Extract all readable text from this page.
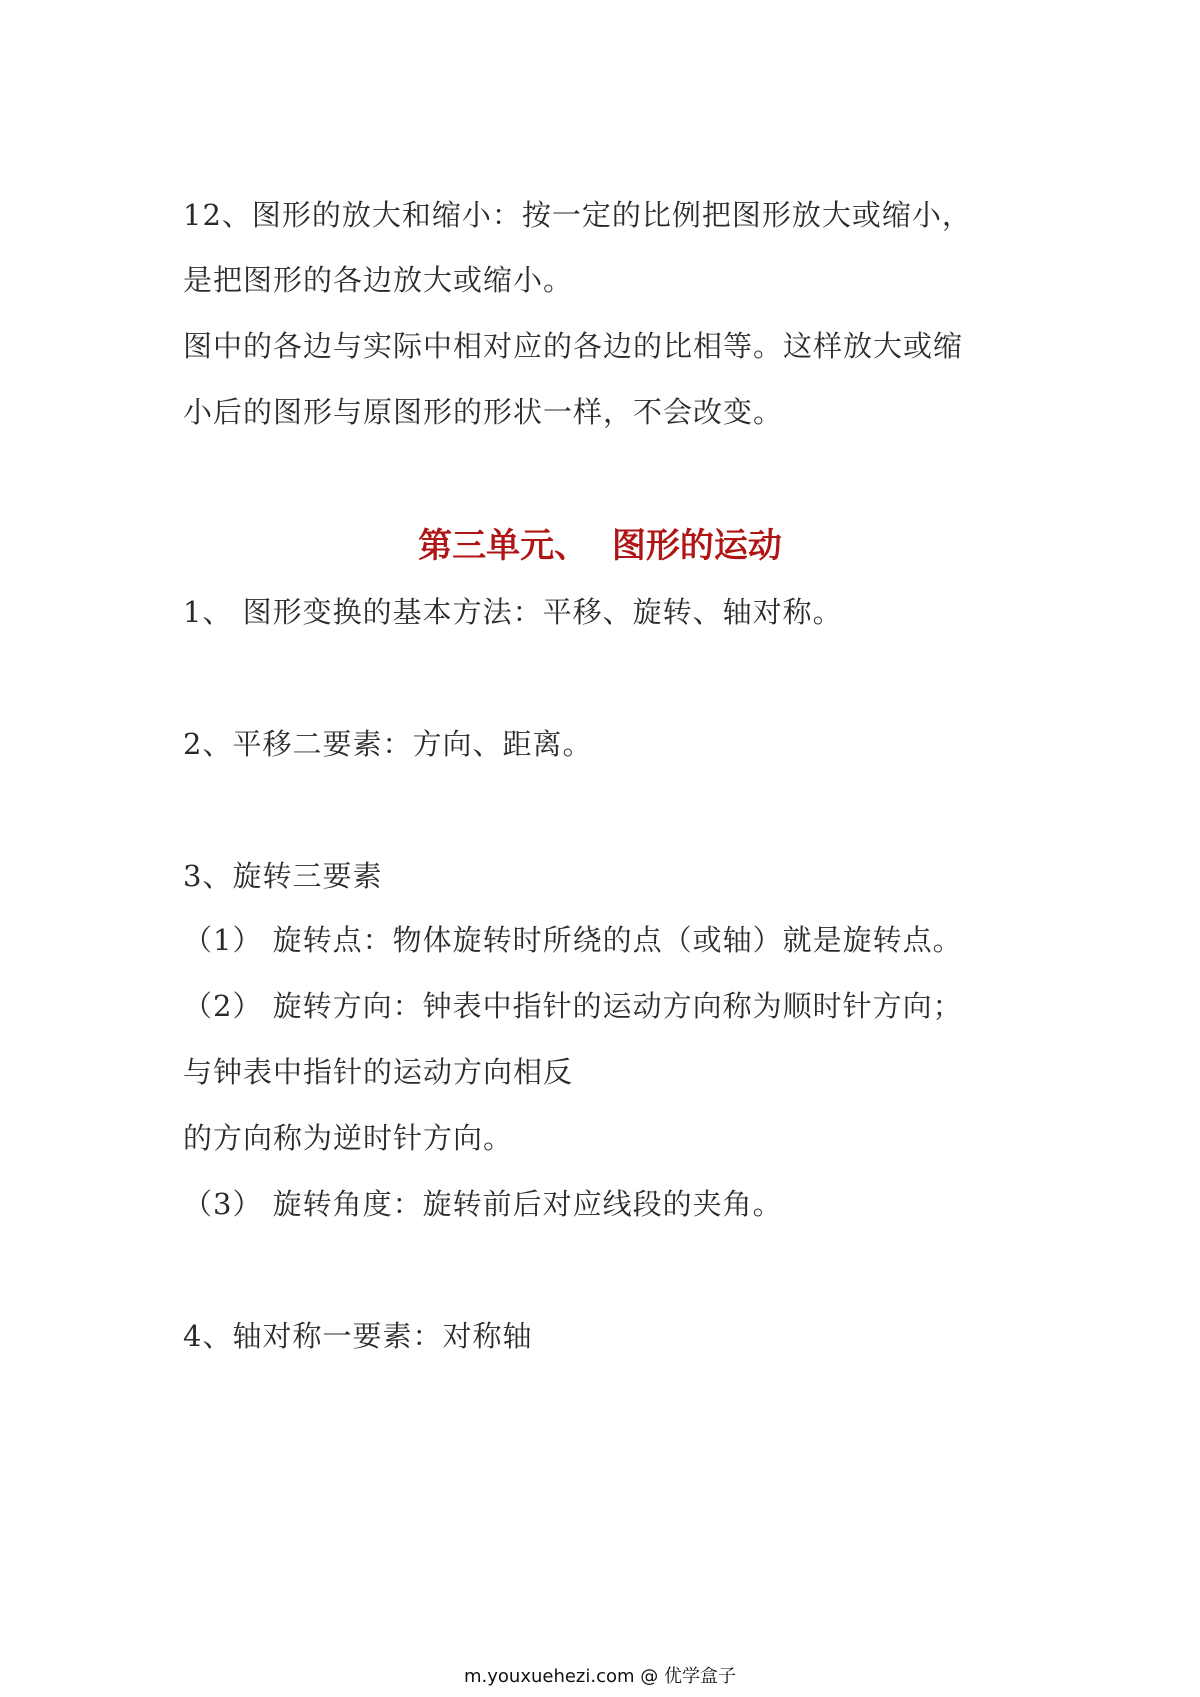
12、图形的放大和缩小：按一定的比例把图形放大或缩小，
是把图形的各边放大或缩小。
图中的各边与实际中相对应的各边的比相等。这样放大或缩
小后的图形与原图形的形状一样，不会改变。
第三单元、  图形的运动
1、 图形变换的基本方法：平移、旋转、轴对称。
2、平移二要素：方向、距离。
3、旋转三要素
（1） 旋转点：物体旋转时所绕的点（或轴）就是旋转点。
（2） 旋转方向：钟表中指针的运动方向称为顺时针方向；
与钟表中指针的运动方向相反
的方向称为逆时针方向。
（3） 旋转角度：旋转前后对应线段的夹角。
4、轴对称一要素：对称轴
m.youxuehezi.com @ 优学盒子
